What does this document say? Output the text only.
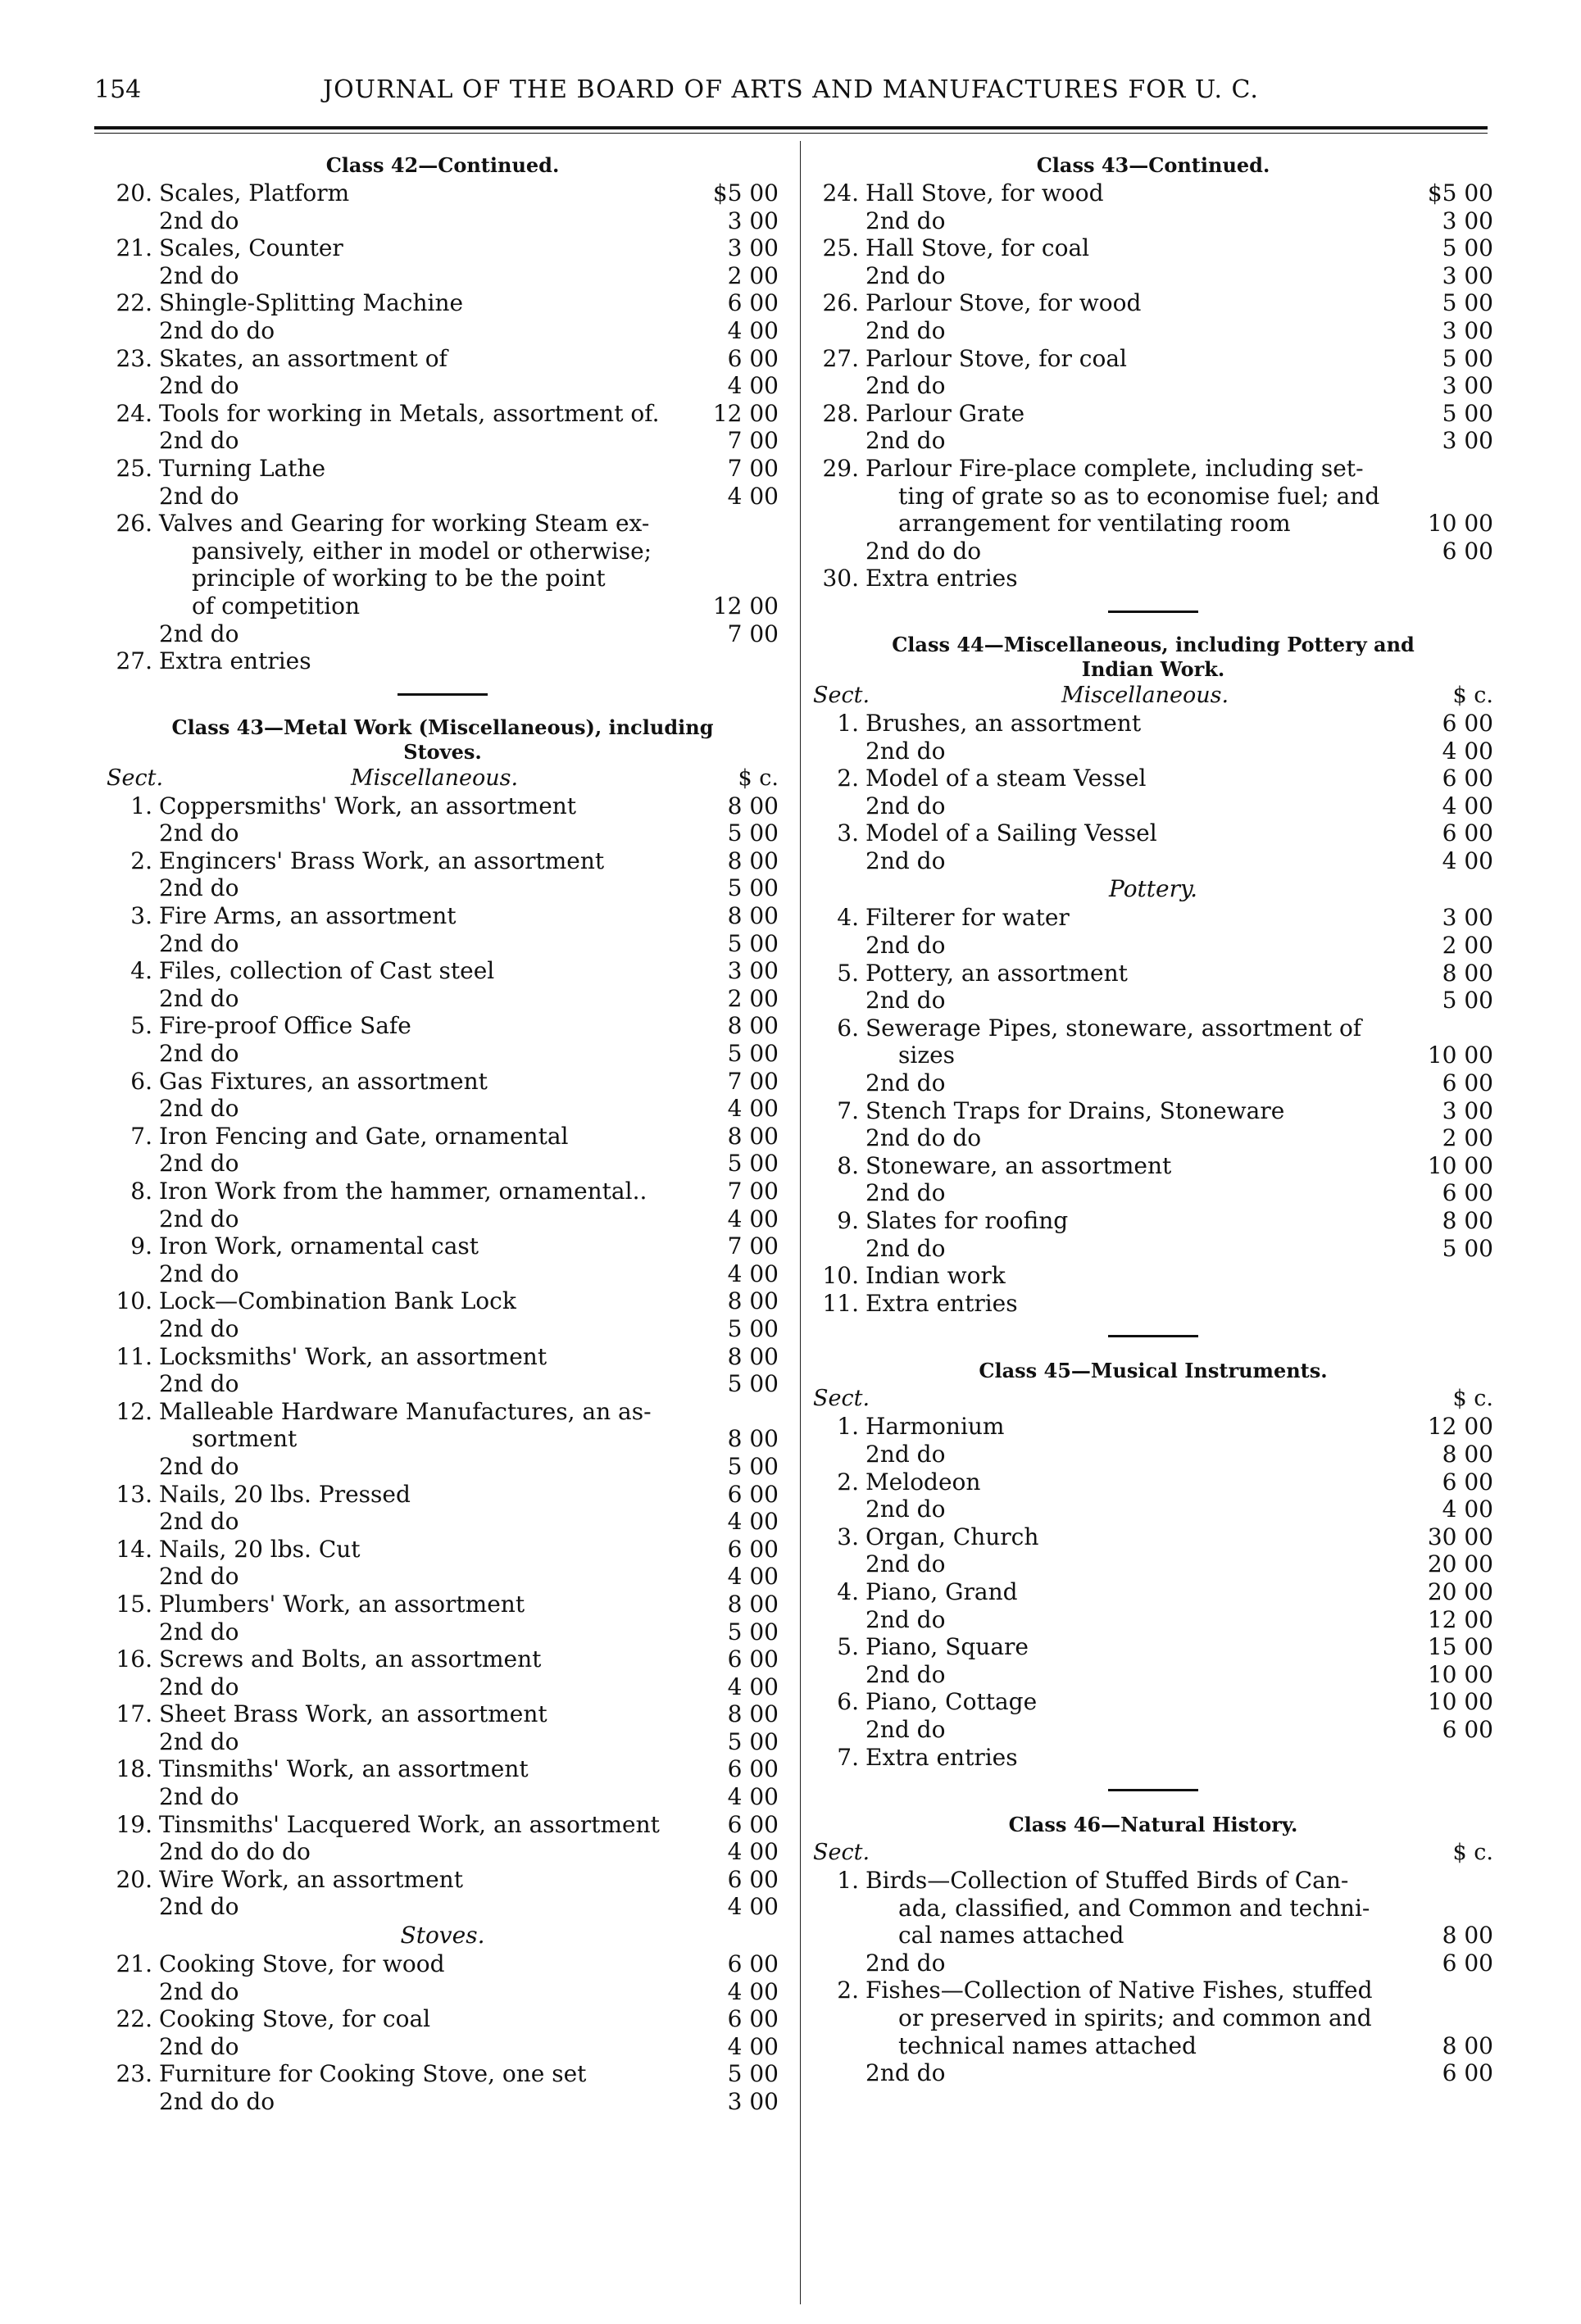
154	JOURNAL OF THE BOARD OF ARTS AND MANUFACTURES FOR U. C.
Class 42—Continued.
20. Scales, Platform	$5 00
2nd do	3 00
21. Scales, Counter	3 00
2nd do	2 00
22. Shingle-Splitting Machine	6 00
2nd do do	4 00
23. Skates, an assortment of	6 00
2nd do	4 00
24. Tools for working in Metals, assortment of.	12 00
2nd do	7 00
25. Turning Lathe	7 00
2nd do	4 00
26. Valves and Gearing for working Steam ex-
pansively, either in model or otherwise;
principle of working to be the point
of competition	12 00
2nd do	7 00
27. Extra entries
Class 43—Metal Work (Miscellaneous), including
Stoves.
Sect.	Miscellaneous.	$ c.
1. Coppersmiths' Work, an assortment	8 00
2nd do	5 00
2. Engincers' Brass Work, an assortment	8 00
2nd do	5 00
3. Fire Arms, an assortment	8 00
2nd do	5 00
4. Files, collection of Cast steel	3 00
2nd do	2 00
5. Fire-proof Office Safe	8 00
2nd do	5 00
6. Gas Fixtures, an assortment	7 00
2nd do	4 00
7. Iron Fencing and Gate, ornamental	8 00
2nd do	5 00
8. Iron Work from the hammer, ornamental..	7 00
2nd do	4 00
9. Iron Work, ornamental cast	7 00
2nd do	4 00
10. Lock—Combination Bank Lock	8 00
2nd do	5 00
11. Locksmiths' Work, an assortment	8 00
2nd do	5 00
12. Malleable Hardware Manufactures, an as-
sortment	8 00
2nd do	5 00
13. Nails, 20 lbs. Pressed	6 00
2nd do	4 00
14. Nails, 20 lbs. Cut	6 00
2nd do	4 00
15. Plumbers' Work, an assortment	8 00
2nd do	5 00
16. Screws and Bolts, an assortment	6 00
2nd do	4 00
17. Sheet Brass Work, an assortment	8 00
2nd do	5 00
18. Tinsmiths' Work, an assortment	6 00
2nd do	4 00
19. Tinsmiths' Lacquered Work, an assortment	6 00
2nd do do do	4 00
20. Wire Work, an assortment	6 00
2nd do	4 00
Stoves.
21. Cooking Stove, for wood	6 00
2nd do	4 00
22. Cooking Stove, for coal	6 00
2nd do	4 00
23. Furniture for Cooking Stove, one set	5 00
2nd do do	3 00
Class 43—Continued.
24. Hall Stove, for wood	$5 00
2nd do	3 00
25. Hall Stove, for coal	5 00
2nd do	3 00
26. Parlour Stove, for wood	5 00
2nd do	3 00
27. Parlour Stove, for coal	5 00
2nd do	3 00
28. Parlour Grate	5 00
2nd do	3 00
29. Parlour Fire-place complete, including set-
ting of grate so as to economise fuel; and
arrangement for ventilating room	10 00
2nd do do	6 00
30. Extra entries
Class 44—Miscellaneous, including Pottery and
Indian Work.
Sect.	Miscellaneous.	$ c.
1. Brushes, an assortment	6 00
2nd do	4 00
2. Model of a steam Vessel	6 00
2nd do	4 00
3. Model of a Sailing Vessel	6 00
2nd do	4 00
Pottery.
4. Filterer for water	3 00
2nd do	2 00
5. Pottery, an assortment	8 00
2nd do	5 00
6. Sewerage Pipes, stoneware, assortment of
sizes	10 00
2nd do	6 00
7. Stench Traps for Drains, Stoneware	3 00
2nd do do	2 00
8. Stoneware, an assortment	10 00
2nd do	6 00
9. Slates for roofing	8 00
2nd do	5 00
10. Indian work
11. Extra entries
Class 45—Musical Instruments.
Sect.	$ c.
1. Harmonium	12 00
2nd do	8 00
2. Melodeon	6 00
2nd do	4 00
3. Organ, Church	30 00
2nd do	20 00
4. Piano, Grand	20 00
2nd do	12 00
5. Piano, Square	15 00
2nd do	10 00
6. Piano, Cottage	10 00
2nd do	6 00
7. Extra entries
Class 46—Natural History.
Sect.	$ c.
1. Birds—Collection of Stuffed Birds of Can-
ada, classified, and Common and techni-
cal names attached	8 00
2nd do	6 00
2. Fishes—Collection of Native Fishes, stuffed
or preserved in spirits; and common and
technical names attached	8 00
2nd do	6 00
